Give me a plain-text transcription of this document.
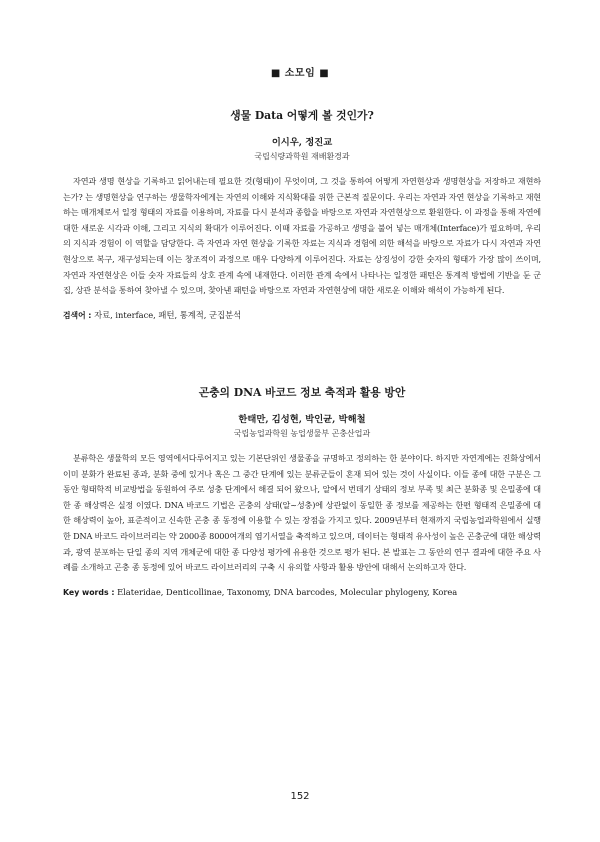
■ 소모임 ■
생물 Data 어떻게 볼 것인가?
이시우, 정진교
국립식량과학원 재배환경과

자연과 생명 현상을 기록하고 읽어내는데 필요한 것(형태)이 무엇이며, 그 것을 통하여 어떻게 자연현상과 생명현상을 저장하고 재현하는가? 는 생명현상을 연구하는 생물학자에게는 자연의 이해와 지식확대를 위한 근본적 질문이다. 우리는 자연과 자연 현상을 기록하고 재현하는 매개체로서 일정 형태의 자료를 이용하며, 자료를 다시 분석과 종합을 바탕으로 자연과 자연현상으로 환원한다. 이 과정을 통해 자연에 대한 새로운 시각과 이해, 그리고 지식의 확대가 이루어진다. 이때 자료를 가공하고 생명을 불어 넣는 매개체(Interface)가 필요하며, 우리의 지식과 경험이 이 역할을 담당한다. 즉 자연과 자연 현상을 기록한 자료는 지식과 경험에 의한 해석을 바탕으로 자료가 다시 자연과 자연 현상으로 복구, 재구성되는데 이는 창조적이 과정으로 매우 다양하게 이루어진다. 자료는 상징성이 강한 숫자의 형태가 가장 많이 쓰이며, 자연과 자연현상은 이들 숫자 자료들의 상호 관계 속에 내재한다. 이러한 관계 속에서 나타나는 일정한 패턴은 통계적 방법에 기반을 둔 군집, 상관 분석을 통하여 찾아낼 수 있으며, 찾아낸 패턴을 바탕으로 자연과 자연현상에 대한 새로운 이해와 해석이 가능하게 된다.

검색어 : 자료, interface, 패턴, 통계적, 군집분석
곤충의 DNA 바코드 정보 축적과 활용 방안
한태만, 김성현, 박인균, 박해철
국립농업과학원 농업생물부 곤충산업과

분류학은 생물학의 모든 영역에서다루어지고 있는 기본단위인 생물종을 규명하고 정의하는 한 분야이다. 하지만 자연계에는 진화상에서 이미 분화가 완료된 종과, 분화 중에 있거나 혹은 그 중간 단계에 있는 분류군들이 혼재 되어 있는 것이 사실이다. 이들 종에 대한 구분은 그 동안 형태학적 비교방법을 동원하여 주로 성충 단계에서 해결 되어 왔으나, 알에서 번데기 상태의 정보 부족 및 최근 분화종 및 은밀종에 대한 종 해상력은 실정 이였다. DNA 바코드 기법은 곤충의 상태(알~성충)에 상관없이 동일한 종 정보를 제공하는 한편 형태적 은밀종에 대한 해상력이 높아, 표준적이고 신속한 곤충 종 동정에 이용할 수 있는 장점을 가지고 있다. 2009년부터 현재까지 국립농업과학원에서 실행한 DNA 바코드 라이브러리는 약 2000종 8000여개의 염기서열을 축적하고 있으며, 데이터는 형태적 유사성이 높은 곤충군에 대한 해상력과, 광역 분포하는 단일 종의 지역 개체군에 대한 종 다양성 평가에 유용한 것으로 평가 된다. 본 발표는 그 동안의 연구 결과에 대한 주요 사례를 소개하고 곤충 종 동정에 있어 바코드 라이브러리의 구축 시 유의할 사항과 활용 방안에 대해서 논의하고자 한다.

Key words : Elateridae, Denticollinae, Taxonomy, DNA barcodes, Molecular phylogeny, Korea
152
